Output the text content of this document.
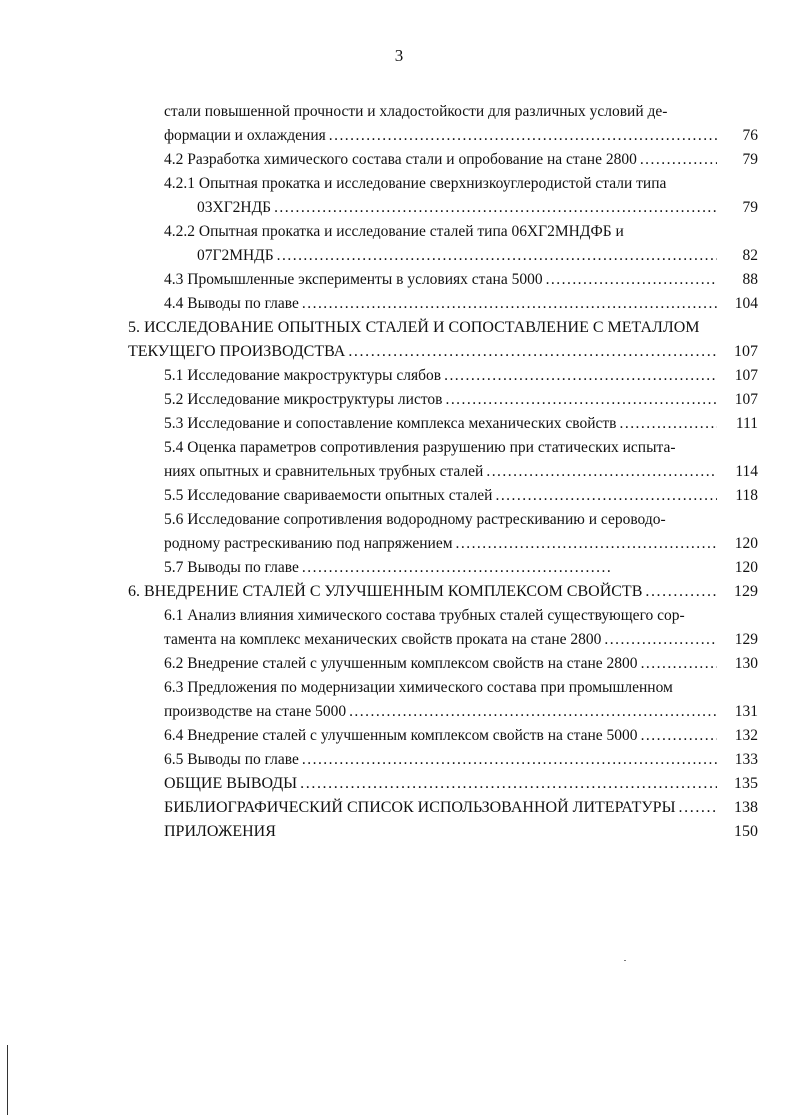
3
стали повышенной прочности и хладостойкости для различных условий де-
формации и охлаждения . . .	76
4.2 Разработка химического состава стали и опробование на стане 2800 . . .	79
4.2.1 Опытная прокатка и исследование сверхнизкоуглеродистой стали типа
03ХГ2НДБ . . .	79
4.2.2 Опытная прокатка и исследование сталей типа 06ХГ2МНДФБ и
07Г2МНДБ . . .	82
4.3 Промышленные эксперименты в условиях стана 5000 . . .	88
4.4 Выводы по главе . . .	104
5. ИССЛЕДОВАНИЕ ОПЫТНЫХ СТАЛЕЙ И СОПОСТАВЛЕНИЕ С МЕТАЛЛОМ
ТЕКУЩЕГО ПРОИЗВОДСТВА . . .	107
5.1 Исследование макроструктуры слябов . . .	107
5.2 Исследование микроструктуры листов . . .	107
5.3 Исследование и сопоставление комплекса механических свойств . . .	111
5.4 Оценка параметров сопротивления разрушению при статических испыта-
ниях опытных и сравнительных трубных сталей . . .	114
5.5 Исследование свариваемости опытных сталей . . .	118
5.6 Исследование сопротивления водородному растрескиванию и сероводо-
родному растрескиванию под напряжением . . .	120
5.7 Выводы по главе . . .	120
6. ВНЕДРЕНИЕ СТАЛЕЙ С УЛУЧШЕННЫМ КОМПЛЕКСОМ СВОЙСТВ . . .	129
6.1 Анализ влияния химического состава трубных сталей существующего сор-
тамента на комплекс механических свойств проката на стане 2800 . . .	129
6.2 Внедрение сталей с улучшенным комплексом свойств на стане 2800 . . .	130
6.3 Предложения по модернизации химического состава при промышленном
производстве на стане 5000 . . .	131
6.4 Внедрение сталей с улучшенным комплексом свойств на стане 5000 . . .	132
6.5 Выводы по главе . . .	133
ОБЩИЕ ВЫВОДЫ . . .	135
БИБЛИОГРАФИЧЕСКИЙ СПИСОК ИСПОЛЬЗОВАННОЙ ЛИТЕРАТУРЫ . . .	138
ПРИЛОЖЕНИЯ	150
